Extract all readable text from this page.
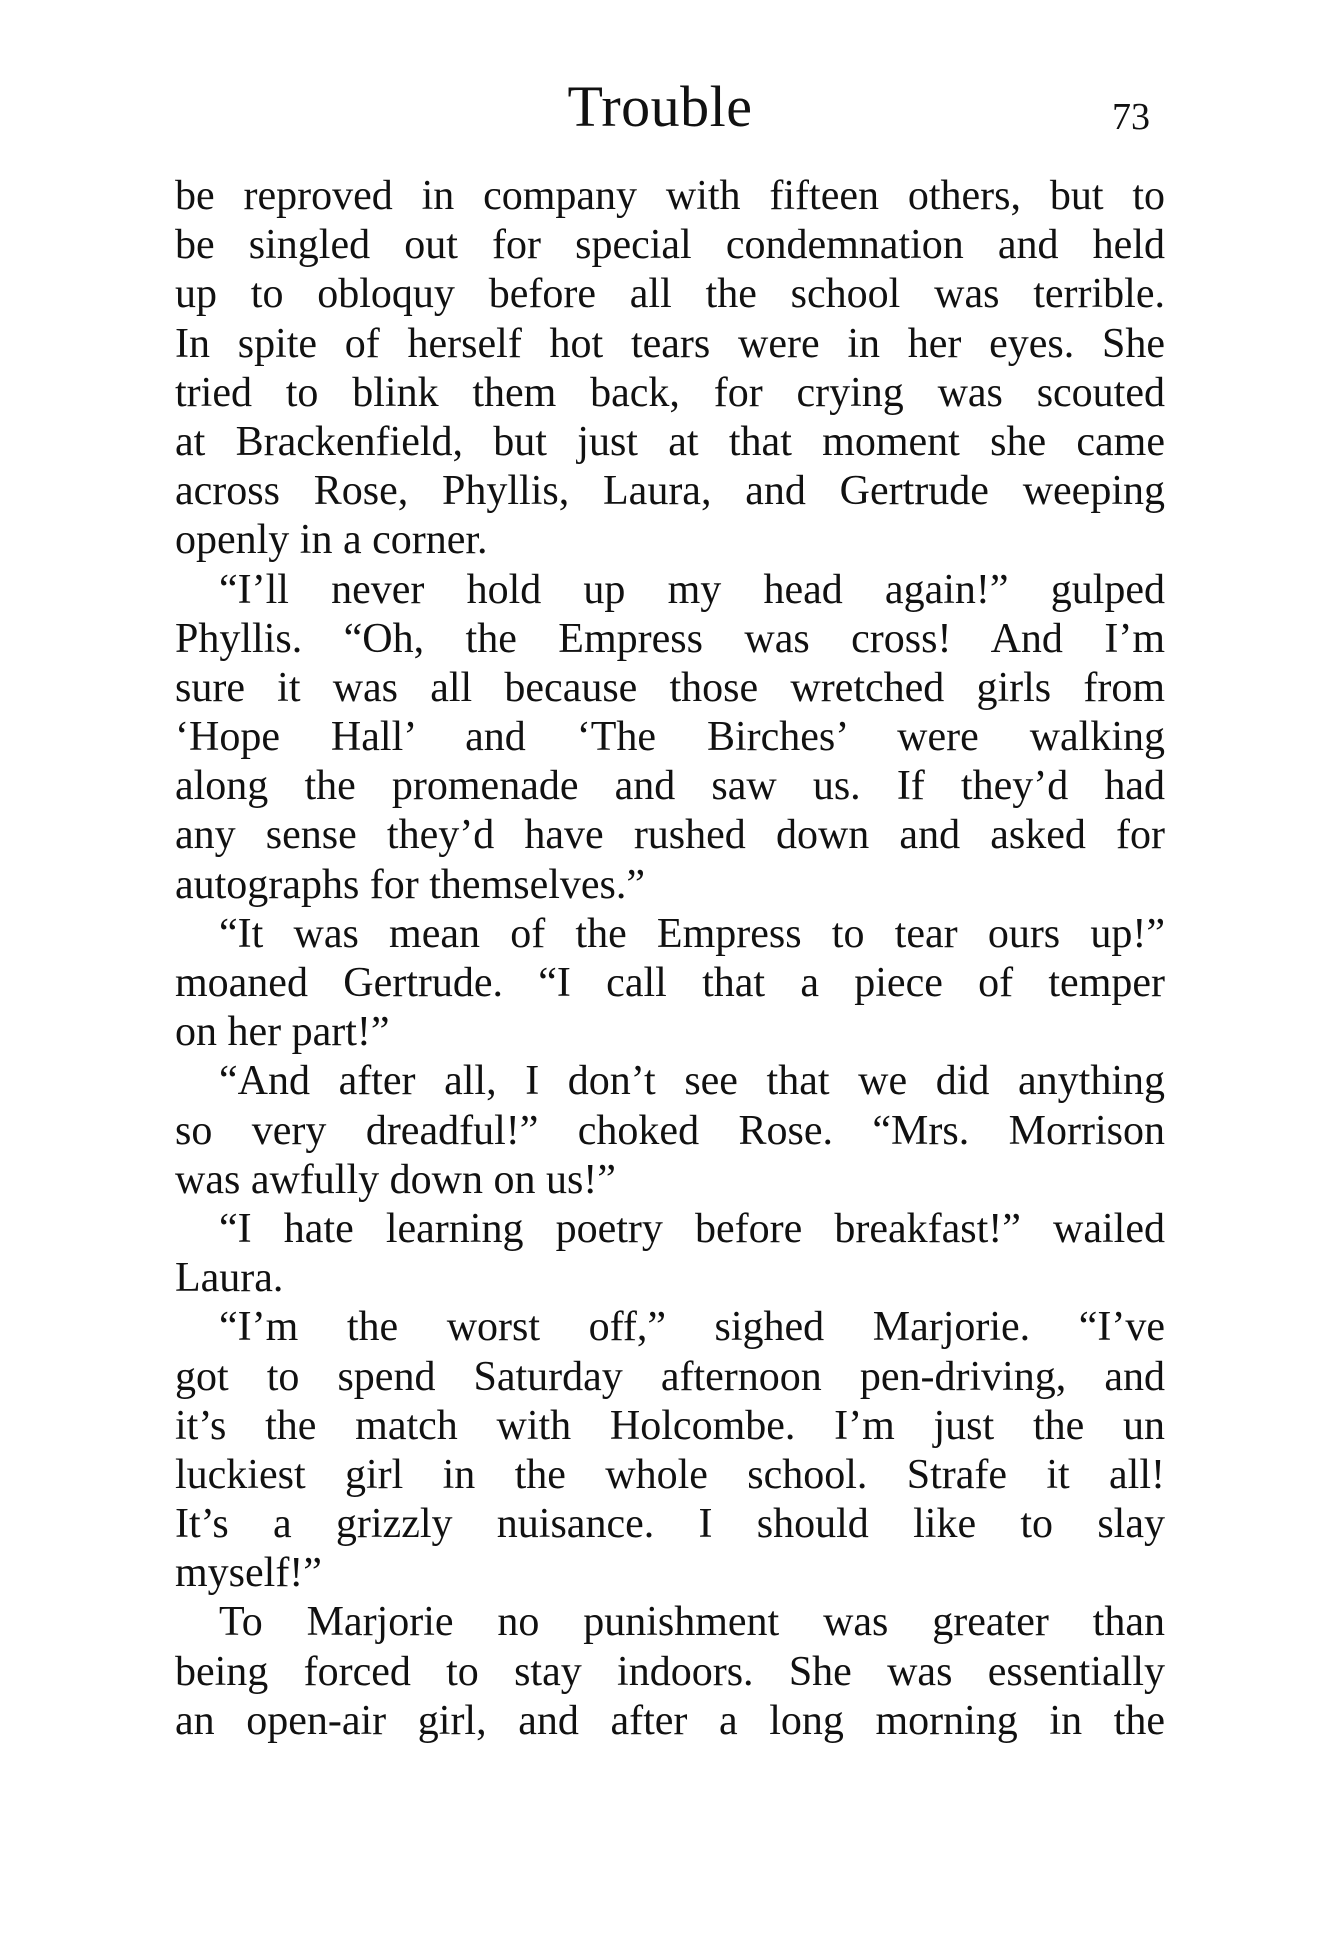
Trouble	73
be reproved in company with fifteen others, but to
be singled out for special condemnation and held
up to obloquy before all the school was terrible.
In spite of herself hot tears were in her eyes. She
tried to blink them back, for crying was scouted
at Brackenfield, but just at that moment she came
across Rose, Phyllis, Laura, and Gertrude weeping
openly in a corner.
“I’ll never hold up my head again!” gulped
Phyllis. “Oh, the Empress was cross! And I’m
sure it was all because those wretched girls from
‘Hope Hall’ and ‘The Birches’ were walking
along the promenade and saw us. If they’d had
any sense they’d have rushed down and asked for
autographs for themselves.”
“It was mean of the Empress to tear ours up!”
moaned Gertrude. “I call that a piece of temper
on her part!”
“And after all, I don’t see that we did anything
so very dreadful!” choked Rose. “Mrs. Morrison
was awfully down on us!”
“I hate learning poetry before breakfast!” wailed
Laura.
“I’m the worst off,” sighed Marjorie. “I’ve
got to spend Saturday afternoon pen-driving, and
it’s the match with Holcombe. I’m just the un
luckiest girl in the whole school. Strafe it all!
It’s a grizzly nuisance. I should like to slay
myself!”
To Marjorie no punishment was greater than
being forced to stay indoors. She was essentially
an open-air girl, and after a long morning in the
